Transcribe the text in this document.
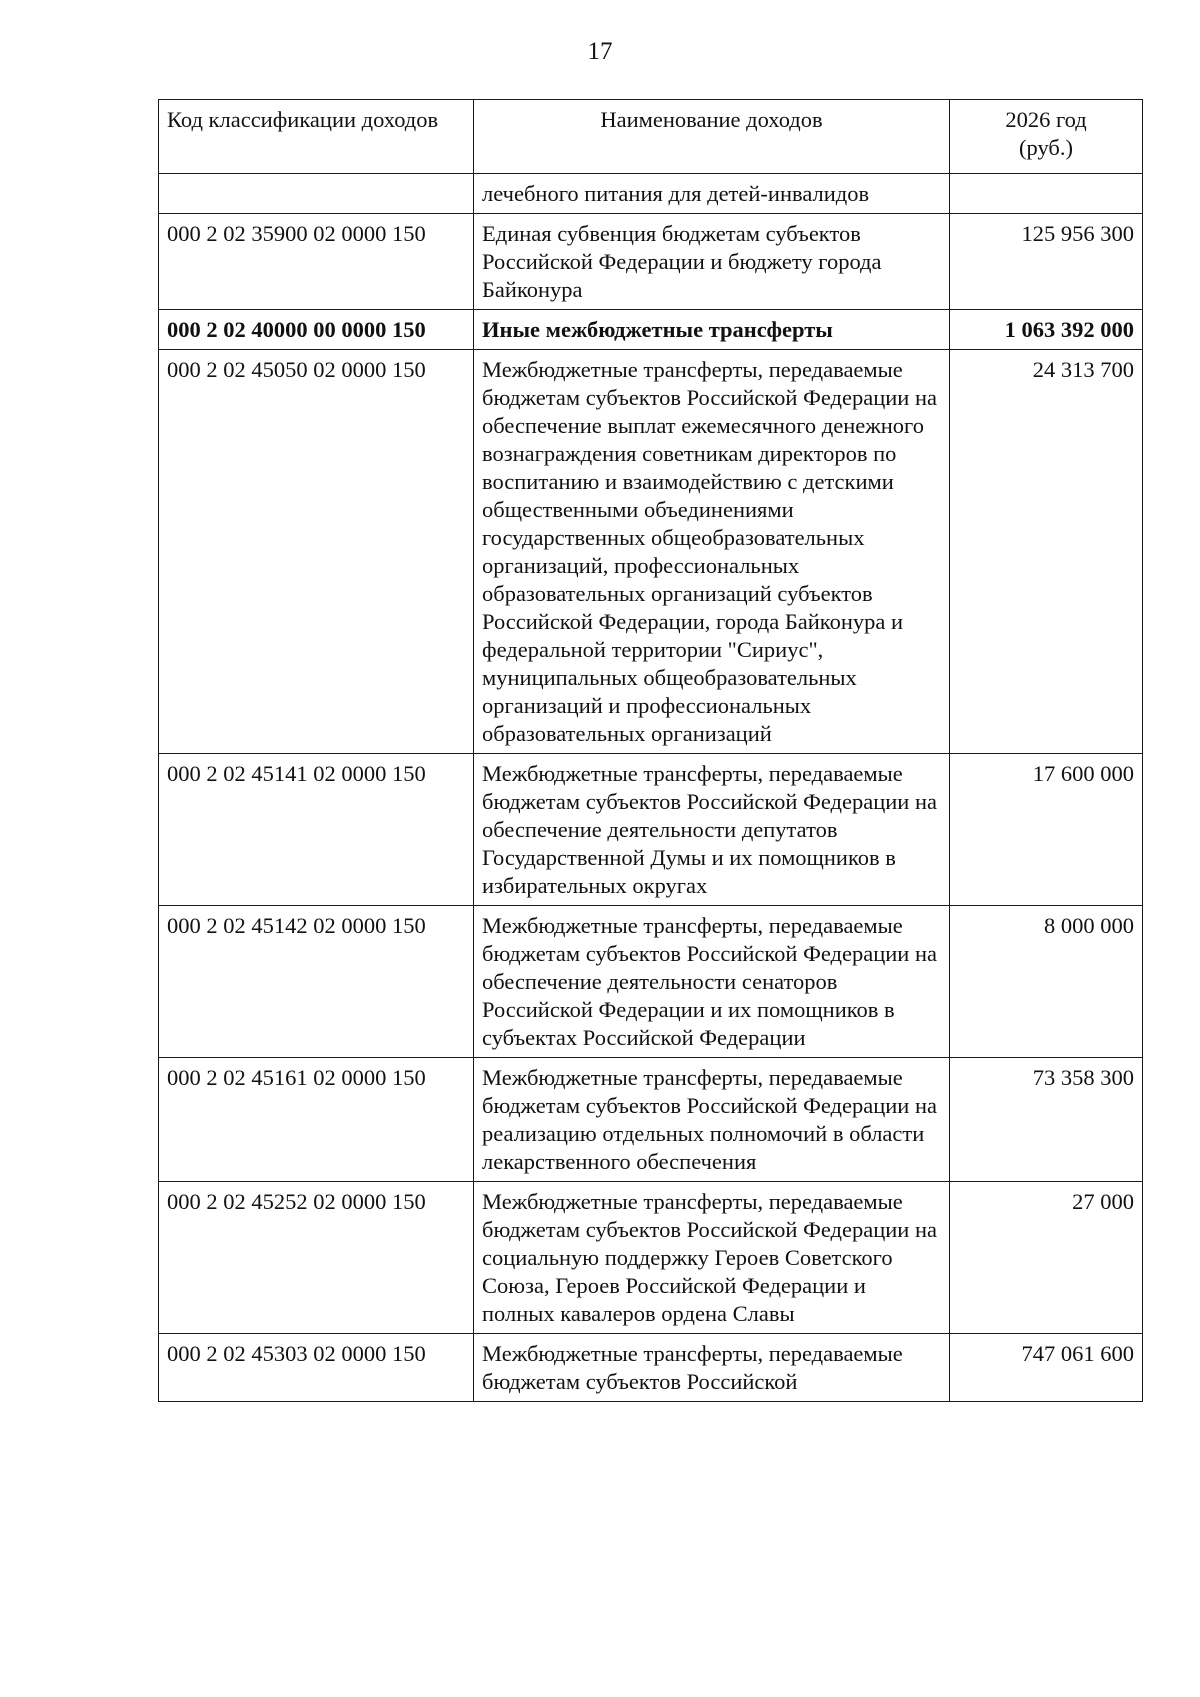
17
Код классификации доходов	Наименование доходов	2026 год
(руб.)

	лечебного питания для детей-инвалидов	
000 2 02 35900 02 0000 150	Единая субвенция бюджетам субъектов Российской Федерации и бюджету города Байконура	125 956 300
000 2 02 40000 00 0000 150	Иные межбюджетные трансферты	1 063 392 000
000 2 02 45050 02 0000 150	Межбюджетные трансферты, передаваемые бюджетам субъектов Российской Федерации на обеспечение выплат ежемесячного денежного вознаграждения советникам директоров по воспитанию и взаимодействию с детскими общественными объединениями государственных общеобразовательных организаций, профессиональных образовательных организаций субъектов Российской Федерации, города Байконура и федеральной территории "Сириус", муниципальных общеобразовательных организаций и профессиональных образовательных организаций	24 313 700
000 2 02 45141 02 0000 150	Межбюджетные трансферты, передаваемые бюджетам субъектов Российской Федерации на обеспечение деятельности депутатов Государственной Думы и их помощников в избирательных округах	17 600 000
000 2 02 45142 02 0000 150	Межбюджетные трансферты, передаваемые бюджетам субъектов Российской Федерации на обеспечение деятельности сенаторов Российской Федерации и их помощников в субъектах Российской Федерации	8 000 000
000 2 02 45161 02 0000 150	Межбюджетные трансферты, передаваемые бюджетам субъектов Российской Федерации на реализацию отдельных полномочий в области лекарственного обеспечения	73 358 300
000 2 02 45252 02 0000 150	Межбюджетные трансферты, передаваемые бюджетам субъектов Российской Федерации на социальную поддержку Героев Советского Союза, Героев Российской Федерации и полных кавалеров ордена Славы	27 000
000 2 02 45303 02 0000 150	Межбюджетные трансферты, передаваемые бюджетам субъектов Российской	747 061 600
